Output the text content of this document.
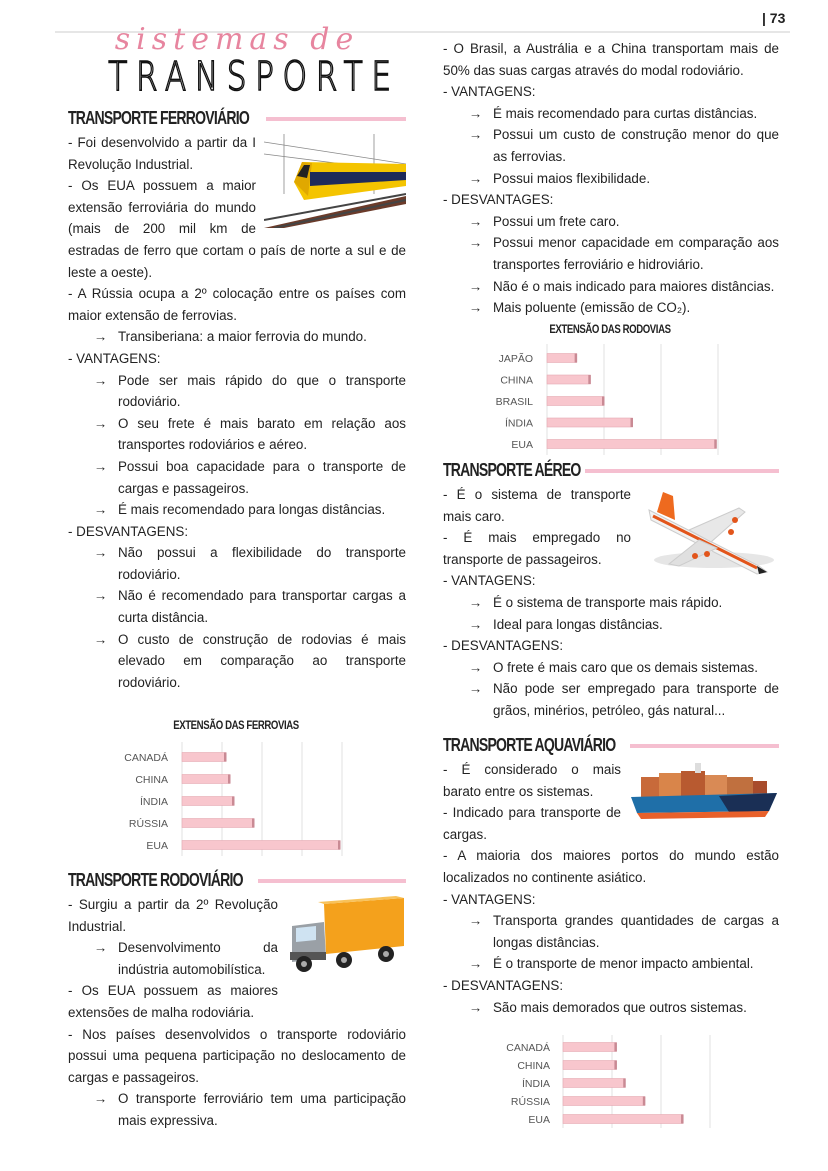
| 73
sistemas de
TRANSPORTE
TRANSPORTE FERROVIÁRIO

- Foi desenvolvido a partir da I Revolução Industrial.

- Os EUA possuem a maior extensão ferroviária do mundo (mais de 200 mil km de estradas de ferro que cortam o país de norte a sul e de leste a oeste).

- A Rússia ocupa a 2º colocação entre os países com maior extensão de ferrovias.

→ Transiberiana: a maior ferrovia do mundo.

- VANTAGENS:

→ Pode ser mais rápido do que o transporte rodoviário.

→ O seu frete é mais barato em relação aos transportes rodoviários e aéreo.

→ Possui boa capacidade para o transporte de cargas e passageiros.

→ É mais recomendado para longas distâncias.

- DESVANTAGENS:

→ Não possui a flexibilidade do transporte rodoviário.

→ Não é recomendado para transportar cargas a curta distância.

→ O custo de construção de rodovias é mais elevado em comparação ao transporte rodoviário.

TRANSPORTE RODOVIÁRIO

- Surgiu a partir da 2º Revolução Industrial.

→ Desenvolvimento da indústria automobilística.

- Os EUA possuem as maiores extensões de malha rodoviária.

- Nos países desenvolvidos o transporte rodoviário possui uma pequena participação no deslocamento de cargas e passageiros.

→ O transporte ferroviário tem uma participação mais expressiva.

- O Brasil, a Austrália e a China transportam mais de 50% das suas cargas através do modal rodoviário.

- VANTAGENS:

→ É mais recomendado para curtas distâncias.

→ Possui um custo de construção menor do que as ferrovias.

→ Possui maios flexibilidade.

- DESVANTAGES:

→ Possui um frete caro.

→ Possui menor capacidade em comparação aos transportes ferroviário e hidroviário.

→ Não é o mais indicado para maiores distâncias.

→ Mais poluente (emissão de CO₂).

TRANSPORTE AÉREO

- É o sistema de transporte mais caro.

- É mais empregado no transporte de passageiros.

- VANTAGENS:

→ É o sistema de transporte mais rápido.

→ Ideal para longas distâncias.

- DESVANTAGENS:

→ O frete é mais caro que os demais sistemas.

→ Não pode ser empregado para transporte de grãos, minérios, petróleo, gás natural...

TRANSPORTE AQUAVIÁRIO

- É considerado o mais barato entre os sistemas.

- Indicado para transporte de cargas.

- A maioria dos maiores portos do mundo estão localizados no continente asiático.

- VANTAGENS:

→ Transporta grandes quantidades de cargas a longas distâncias.

→ É o transporte de menor impacto ambiental.

- DESVANTAGENS:

→ São mais demorados que outros sistemas.

EXTENSÃO DAS FERROVIAS
EXTENSÃO DAS RODOVIAS
CANADÁ
CHINA
ÍNDIA
RÚSSIA
EUA
JAPÃO
CHINA
BRASIL
ÍNDIA
EUA
CANADÁ
CHINA
ÍNDIA
RÚSSIA
EUA
